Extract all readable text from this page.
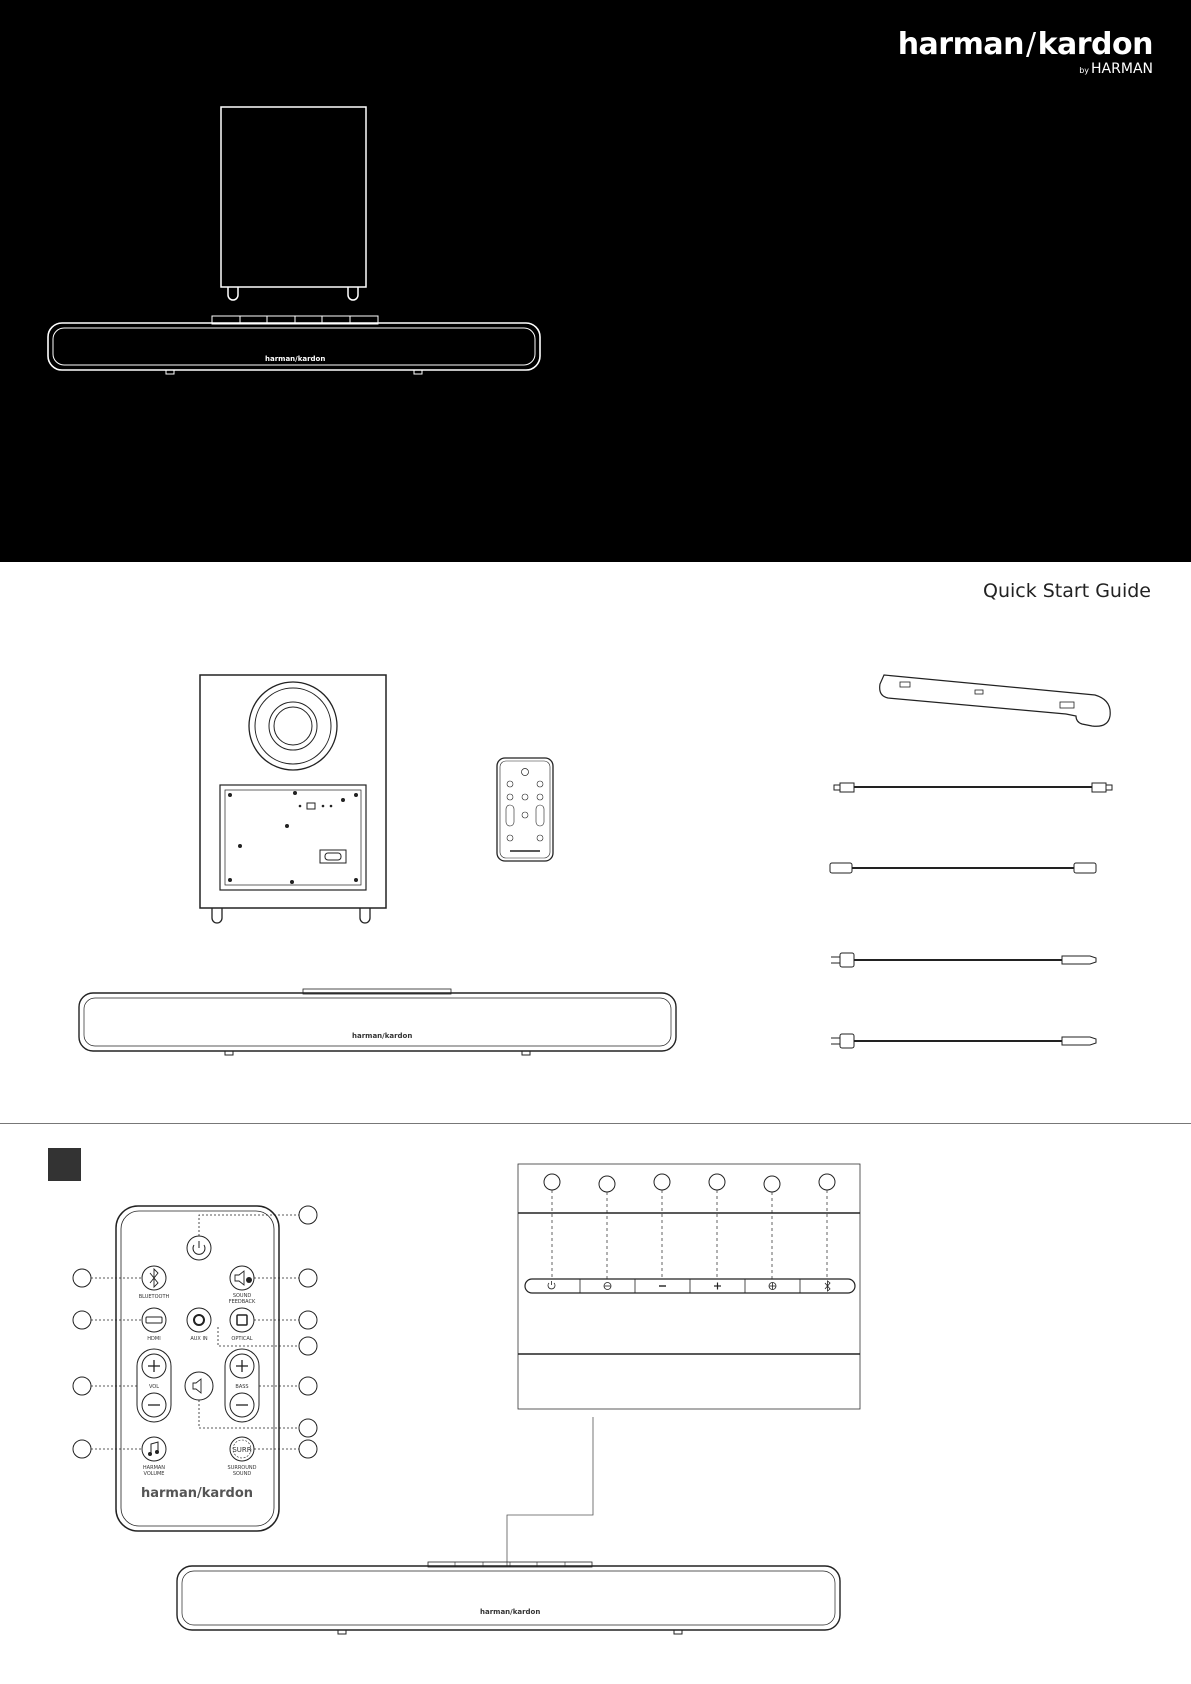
harman/kardon
by HARMAN
harman/kardon
Quick Start Guide
harman/kardon
BLUETOOTH	SOUND
FEEDBACK
HDMI	AUX IN	OPTICAL
VOL	BASS
SURR
HARMAN
VOLUME
SURROUND
SOUND
harman/kardon
harman/kardon
